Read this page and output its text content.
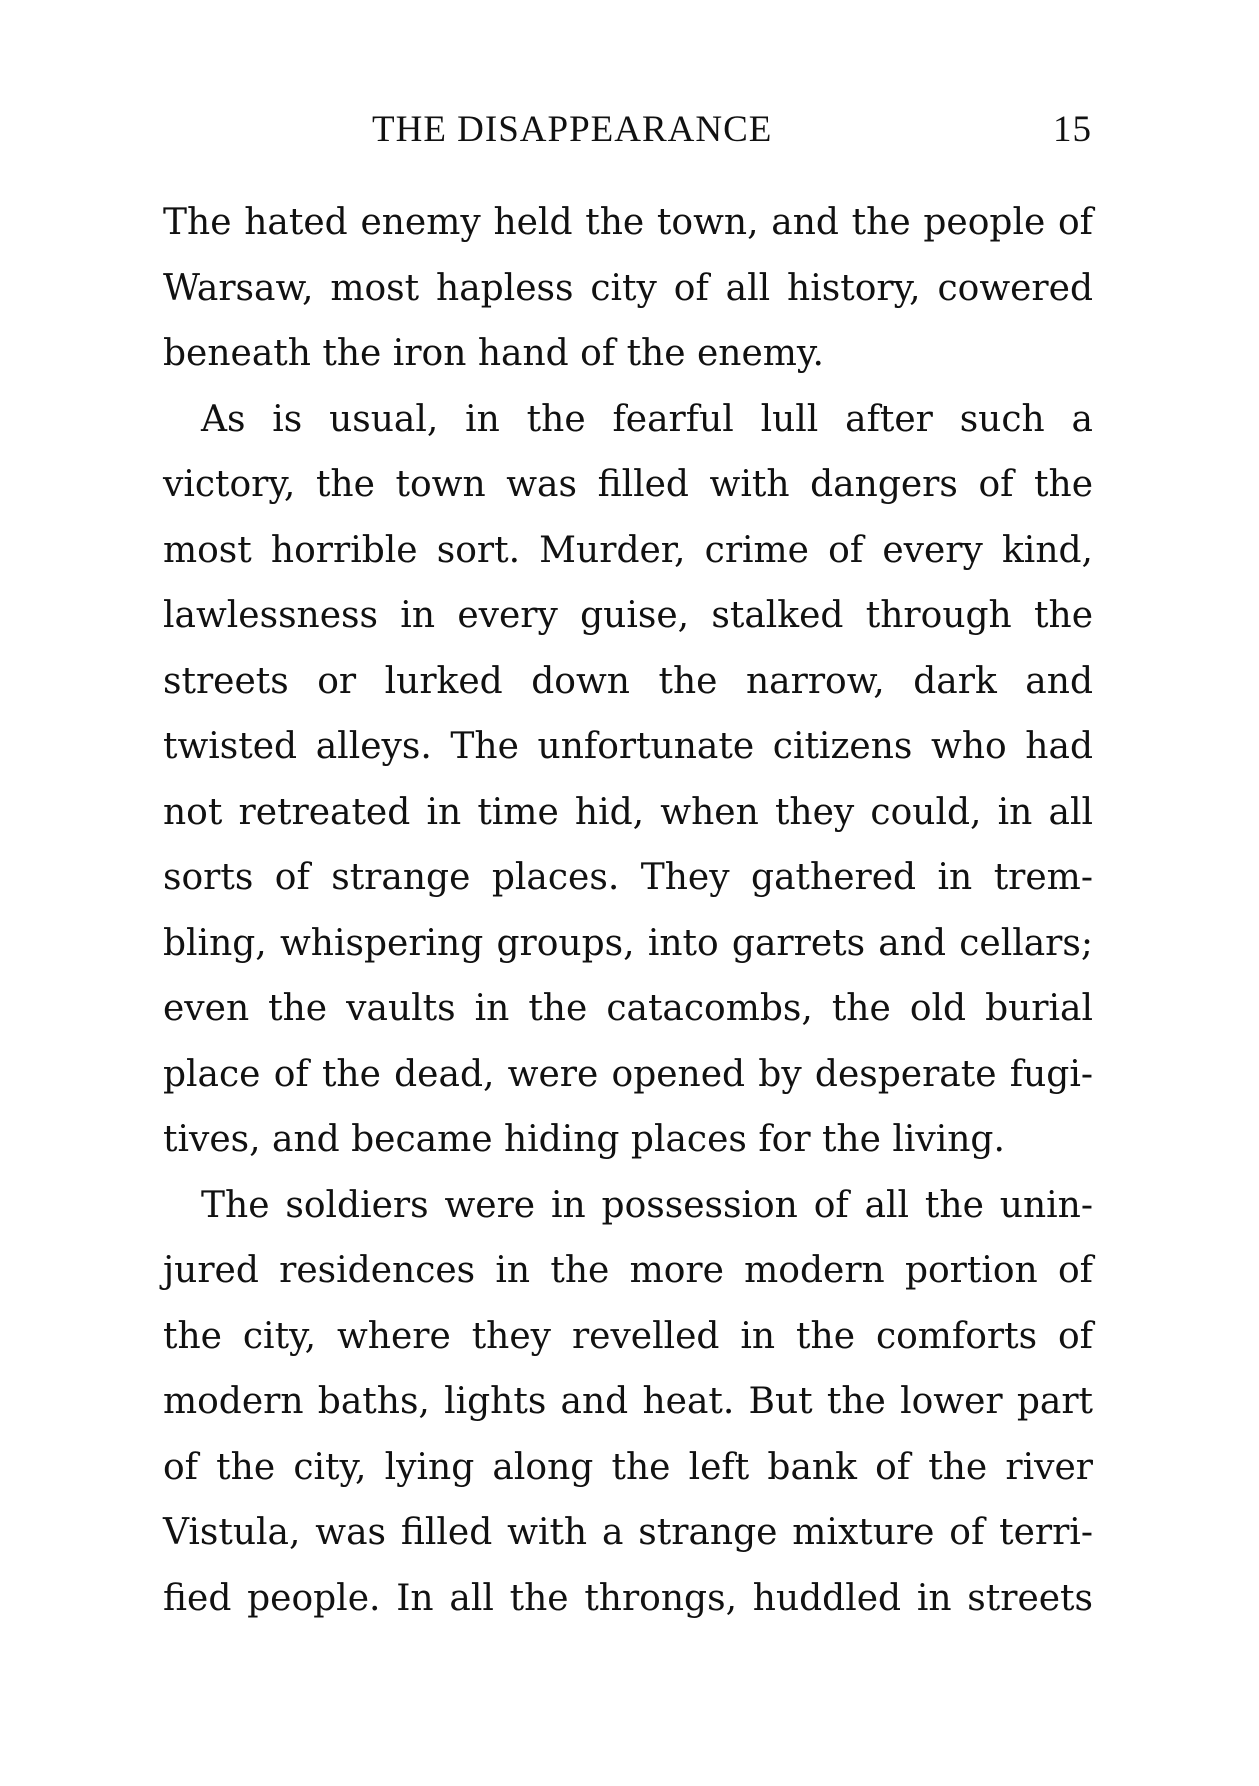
THE DISAPPEARANCE	15
The hated enemy held the town, and the people of
Warsaw, most hapless city of all history, cowered
beneath the iron hand of the enemy.
As is usual, in the fearful lull after such a
victory, the town was filled with dangers of the
most horrible sort. Murder, crime of every kind,
lawlessness in every guise, stalked through the
streets or lurked down the narrow, dark and
twisted alleys. The unfortunate citizens who had
not retreated in time hid, when they could, in all
sorts of strange places. They gathered in trem-
bling, whispering groups, into garrets and cellars;
even the vaults in the catacombs, the old burial
place of the dead, were opened by desperate fugi-
tives, and became hiding places for the living.
The soldiers were in possession of all the unin-
jured residences in the more modern portion of
the city, where they revelled in the comforts of
modern baths, lights and heat. But the lower part
of the city, lying along the left bank of the river
Vistula, was filled with a strange mixture of terri-
fied people. In all the throngs, huddled in streets
